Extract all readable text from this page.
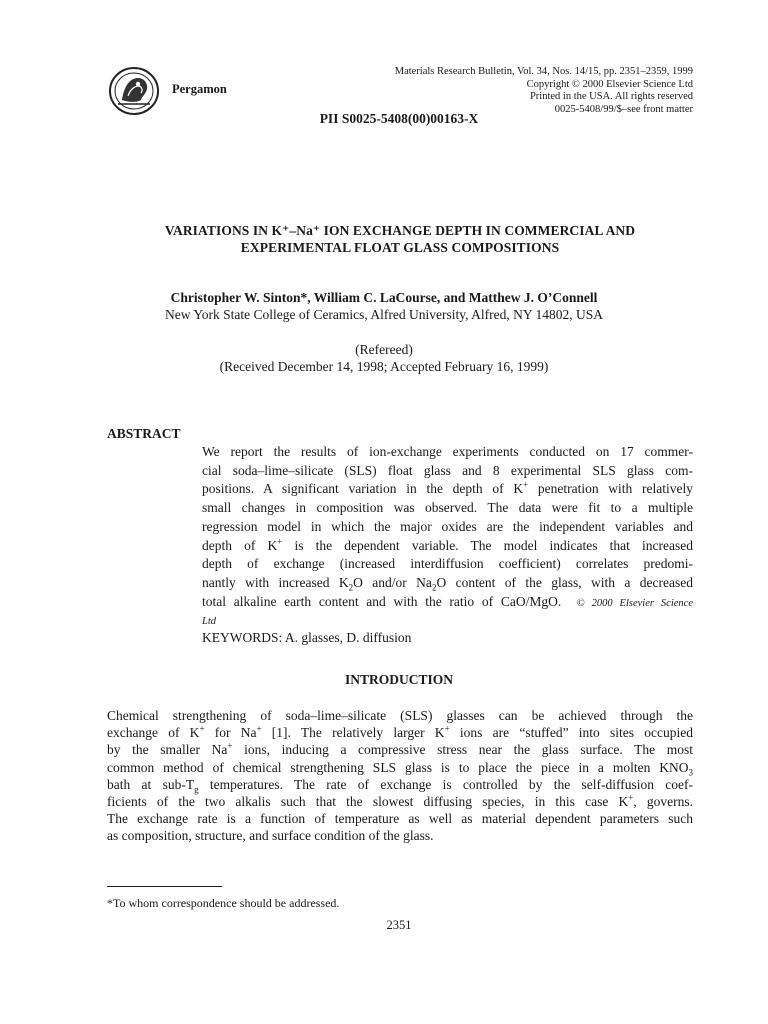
Pergamon
Materials Research Bulletin, Vol. 34, Nos. 14/15, pp. 2351–2359, 1999
Copyright © 2000 Elsevier Science Ltd
Printed in the USA. All rights reserved
0025-5408/99/$–see front matter
PII S0025-5408(00)00163-X
VARIATIONS IN K⁺–Na⁺ ION EXCHANGE DEPTH IN COMMERCIAL AND
EXPERIMENTAL FLOAT GLASS COMPOSITIONS
Christopher W. Sinton*, William C. LaCourse, and Matthew J. O’Connell
New York State College of Ceramics, Alfred University, Alfred, NY 14802, USA
(Refereed)
(Received December 14, 1998; Accepted February 16, 1999)
ABSTRACT
We report the results of ion-exchange experiments conducted on 17 commer-
cial soda–lime–silicate (SLS) float glass and 8 experimental SLS glass com-
positions. A significant variation in the depth of K+ penetration with relatively
small changes in composition was observed. The data were fit to a multiple
regression model in which the major oxides are the independent variables and
depth of K+ is the dependent variable. The model indicates that increased
depth of exchange (increased interdiffusion coefficient) correlates predomi-
nantly with increased $K_2O$ and/or $Na_2O$ content of the glass, with a decreased
total alkaline earth content and with the ratio of CaO/MgO. © 2000 Elsevier Science
Ltd
KEYWORDS: A. glasses, D. diffusion
INTRODUCTION
Chemical strengthening of soda–lime–silicate (SLS) glasses can be achieved through the
exchange of K+ for Na+ [1]. The relatively larger K+ ions are “stuffed” into sites occupied
by the smaller Na+ ions, inducing a compressive stress near the glass surface. The most
common method of chemical strengthening SLS glass is to place the piece in a molten $KNO_3$
bath at sub-$T_g$ temperatures. The rate of exchange is controlled by the self-diffusion coef-
ficients of the two alkalis such that the slowest diffusing species, in this case K+, governs.
The exchange rate is a function of temperature as well as material dependent parameters such
as composition, structure, and surface condition of the glass.
*To whom correspondence should be addressed.
2351
